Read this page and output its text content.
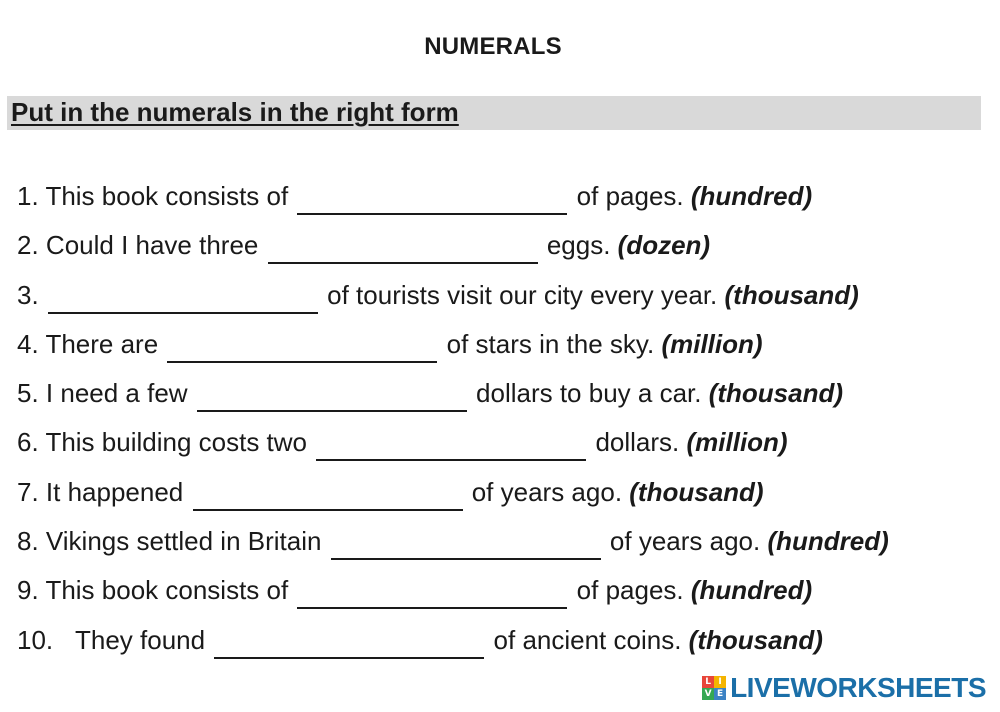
NUMERALS
Put in the numerals in the right form
1. This book consists of	of pages. (hundred)
2. Could I have three	eggs. (dozen)
3.	of tourists visit our city every year. (thousand)
4. There are	of stars in the sky. (million)
5. I need a few	dollars to buy a car. (thousand)
6. This building costs two	dollars. (million)
7. It happened	of years ago. (thousand)
8. Vikings settled in Britain	of years ago. (hundred)
9. This book consists of	of pages. (hundred)
10. They found	of ancient coins. (thousand)
L I
V E LIVEWORKSHEETS
